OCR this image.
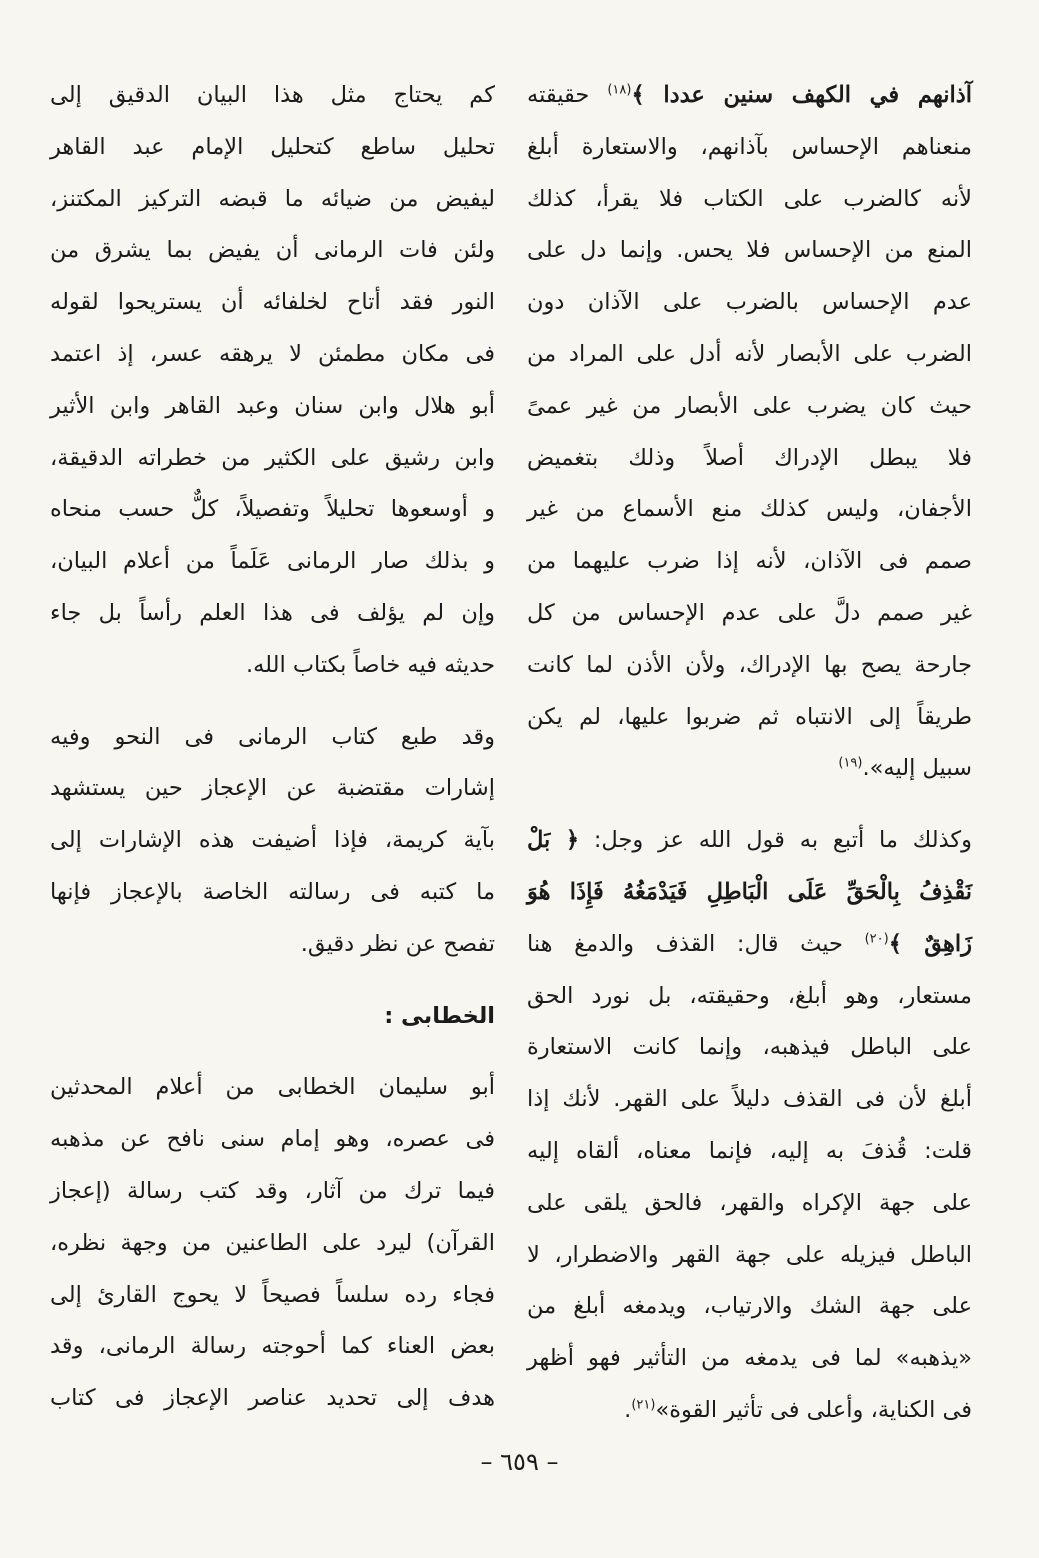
آذانهم في الكهف سنين عددا ﴾$^{(١٨)}$ حقيقته
منعناهم الإحساس بآذانهم، والاستعارة أبلغ
لأنه كالضرب على الكتاب فلا يقرأ، كذلك
المنع من الإحساس فلا يحس. وإنما دل على
عدم الإحساس بالضرب على الآذان دون
الضرب على الأبصار لأنه أدل على المراد من
حيث كان يضرب على الأبصار من غير عمىً
فلا يبطل الإدراك أصلاً وذلك بتغميض
الأجفان، وليس كذلك منع الأسماع من غير
صمم فى الآذان، لأنه إذا ضرب عليهما من
غير صمم دلَّ على عدم الإحساس من كل
جارحة يصح بها الإدراك، ولأن الأذن لما كانت
طريقاً إلى الانتباه ثم ضربوا عليها، لم يكن
سبيل إليه».$^{(١٩)}$
وكذلك ما أتبع به قول الله عز وجل: ﴿ بَلْ
نَقْذِفُ بِالْحَقِّ عَلَى الْبَاطِلِ فَيَدْمَغُهُ فَإِذَا هُوَ
زَاهِقٌ ﴾$^{(٢٠)}$ حيث قال: القذف والدمغ هنا
مستعار، وهو أبلغ، وحقيقته، بل نورد الحق
على الباطل فيذهبه، وإنما كانت الاستعارة
أبلغ لأن فى القذف دليلاً على القهر. لأنك إذا
قلت: قُذفَ به إليه، فإنما معناه، ألقاه إليه
على جهة الإكراه والقهر، فالحق يلقى على
الباطل فيزيله على جهة القهر والاضطرار، لا
على جهة الشك والارتياب، ويدمغه أبلغ من
«يذهبه» لما فى يدمغه من التأثير فهو أظهر
فى الكناية، وأعلى فى تأثير القوة»$^{(٢١)}$.
كم يحتاج مثل هذا البيان الدقيق إلى
تحليل ساطع كتحليل الإمام عبد القاهر
ليفيض من ضيائه ما قبضه التركيز المكتنز،
ولئن فات الرمانى أن يفيض بما يشرق من
النور فقد أتاح لخلفائه أن يستريحوا لقوله
فى مكان مطمئن لا يرهقه عسر، إذ اعتمد
أبو هلال وابن سنان وعبد القاهر وابن الأثير
وابن رشيق على الكثير من خطراته الدقيقة،
و أوسعوها تحليلاً وتفصيلاً، كلٌّ حسب منحاه
و بذلك صار الرمانى عَلَماً من أعلام البيان،
وإن لم يؤلف فى هذا العلم رأساً بل جاء
حديثه فيه خاصاً بكتاب الله.
وقد طبع كتاب الرمانى فى النحو وفيه
إشارات مقتضبة عن الإعجاز حين يستشهد
بآية كريمة، فإذا أضيفت هذه الإشارات إلى
ما كتبه فى رسالته الخاصة بالإعجاز فإنها
تفصح عن نظر دقيق.
الخطابى :
أبو سليمان الخطابى من أعلام المحدثين
فى عصره، وهو إمام سنى نافح عن مذهبه
فيما ترك من آثار، وقد كتب رسالة (إعجاز
القرآن) ليرد على الطاعنين من وجهة نظره،
فجاء رده سلساً فصيحاً لا يحوج القارئ إلى
بعض العناء كما أحوجته رسالة الرمانى، وقد
هدف إلى تحديد عناصر الإعجاز فى كتاب
– ٦٥٩ –
